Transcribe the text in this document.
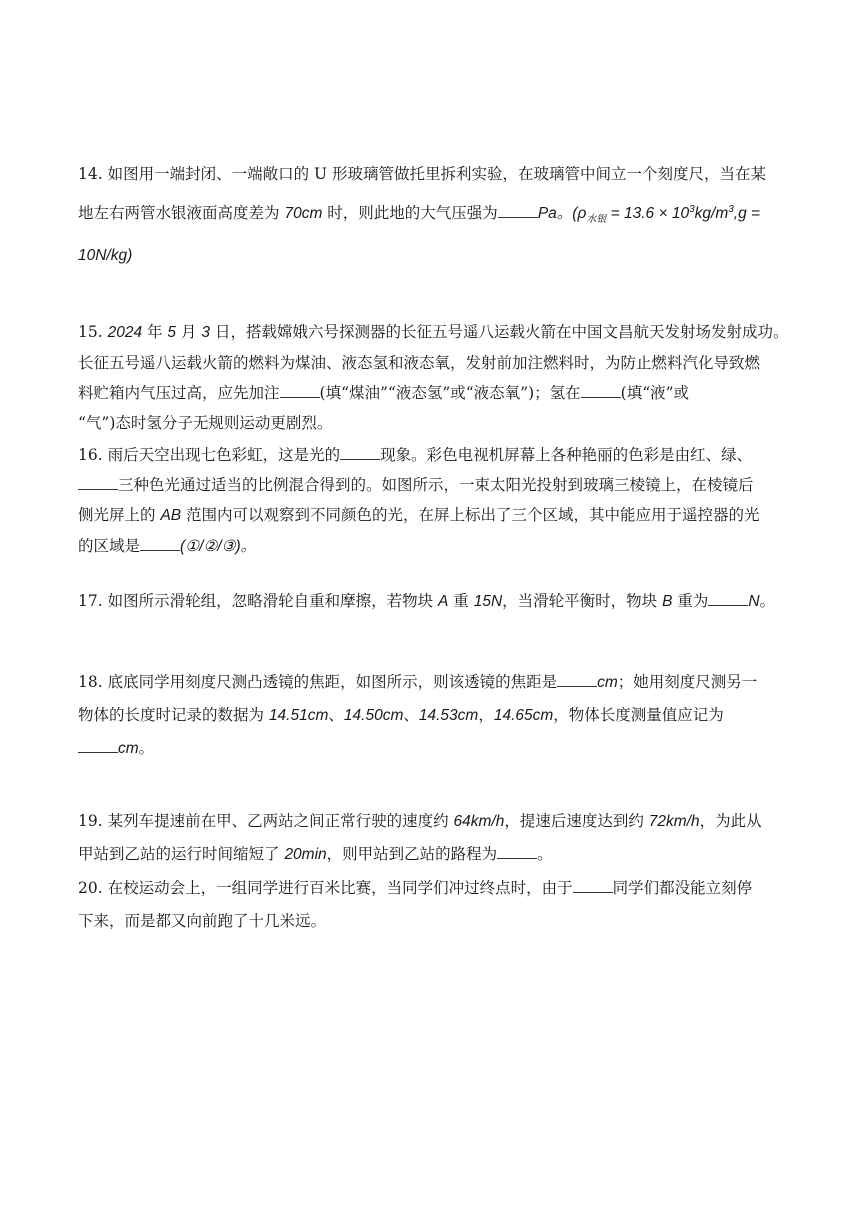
14. 如图用一端封闭、一端敞口的 U 形玻璃管做托里拆利实验，在玻璃管中间立一个刻度尺，当在某
地左右两管水银液面高度差为 70cm 时，则此地的大气压强为	Pa。($\rho_{水银} = 13.6 \times 10^3kg/m^3,g$ =
10N/kg)
15. 2024 年 5 月 3 日，搭载嫦娥六号探测器的长征五号遥八运载火箭在中国文昌航天发射场发射成功。
长征五号遥八运载火箭的燃料为煤油、液态氢和液态氧，发射前加注燃料时，为防止燃料汽化导致燃
料贮箱内气压过高，应先加注	(填“煤油”“液态氢”或“液态氧”)；氢在	(填“液”或
“气”)态时氢分子无规则运动更剧烈。
16. 雨后天空出现七色彩虹，这是光的	现象。彩色电视机屏幕上各种艳丽的色彩是由红、绿、
三种色光通过适当的比例混合得到的。如图所示，一束太阳光投射到玻璃三棱镜上，在棱镜后
侧光屏上的 AB 范围内可以观察到不同颜色的光，在屏上标出了三个区域，其中能应用于遥控器的光
的区域是	(①/②/③)。
17. 如图所示滑轮组，忽略滑轮自重和摩擦，若物块 A 重 15N，当滑轮平衡时，物块 B 重为	N。
18. 底底同学用刻度尺测凸透镜的焦距，如图所示，则该透镜的焦距是	cm；她用刻度尺测另一
物体的长度时记录的数据为 14.51cm、14.50cm、14.53cm，14.65cm，物体长度测量值应记为
cm。
19. 某列车提速前在甲、乙两站之间正常行驶的速度约 64km/h，提速后速度达到约 72km/h，为此从
甲站到乙站的运行时间缩短了 20min，则甲站到乙站的路程为	。
20. 在校运动会上，一组同学进行百米比赛，当同学们冲过终点时，由于	同学们都没能立刻停
下来，而是都又向前跑了十几米远。
